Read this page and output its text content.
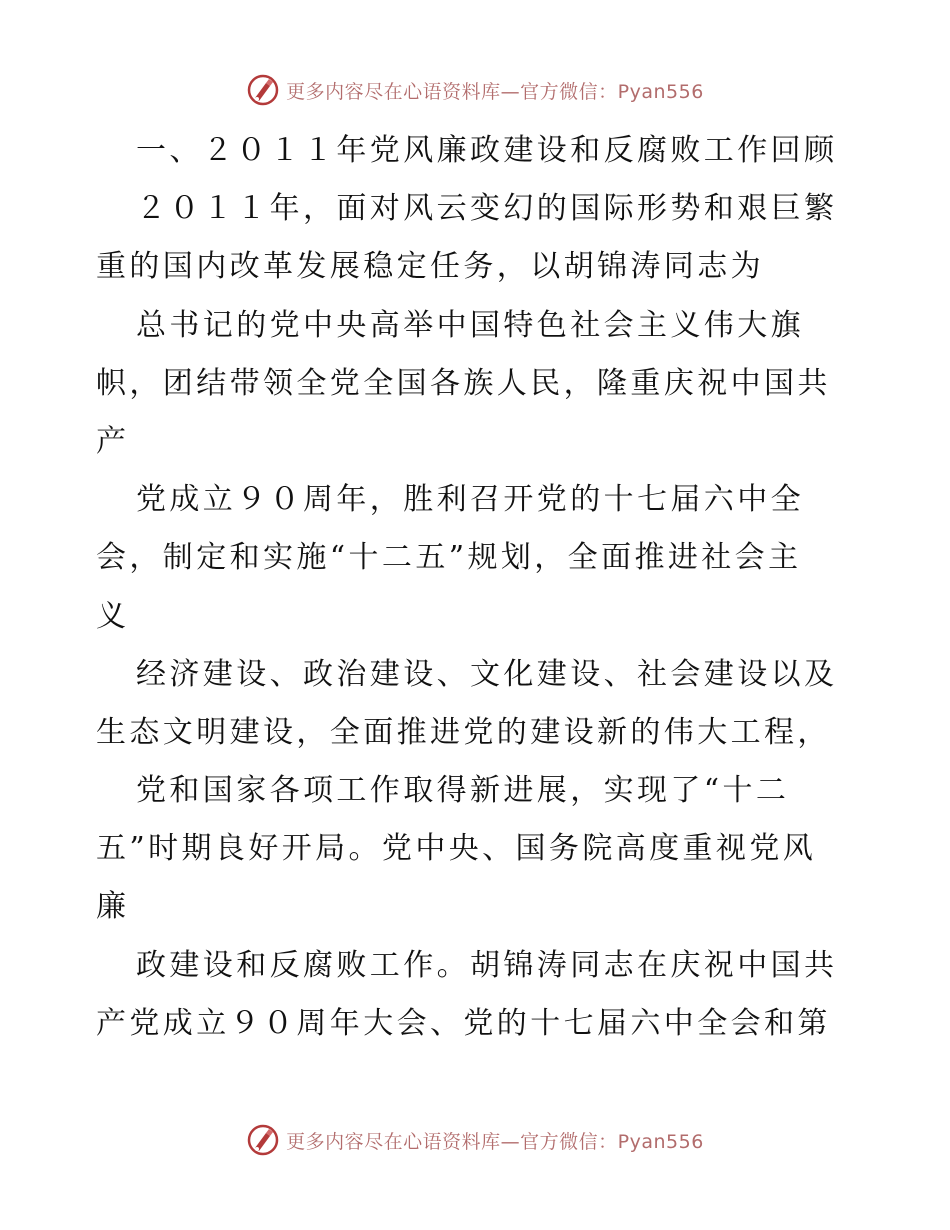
更多内容尽在心语资料库—官方微信：Pyan556
一、２０１１年党风廉政建设和反腐败工作回顾
２０１１年，面对风云变幻的国际形势和艰巨繁
重的国内改革发展稳定任务，以胡锦涛同志为
总书记的党中央高举中国特色社会主义伟大旗
帜，团结带领全党全国各族人民，隆重庆祝中国共
产
党成立９０周年，胜利召开党的十七届六中全
会，制定和实施“十二五”规划，全面推进社会主
义
经济建设、政治建设、文化建设、社会建设以及
生态文明建设，全面推进党的建设新的伟大工程，
党和国家各项工作取得新进展，实现了“十二
五”时期良好开局。党中央、国务院高度重视党风
廉
政建设和反腐败工作。胡锦涛同志在庆祝中国共
产党成立９０周年大会、党的十七届六中全会和第
更多内容尽在心语资料库—官方微信：Pyan556
